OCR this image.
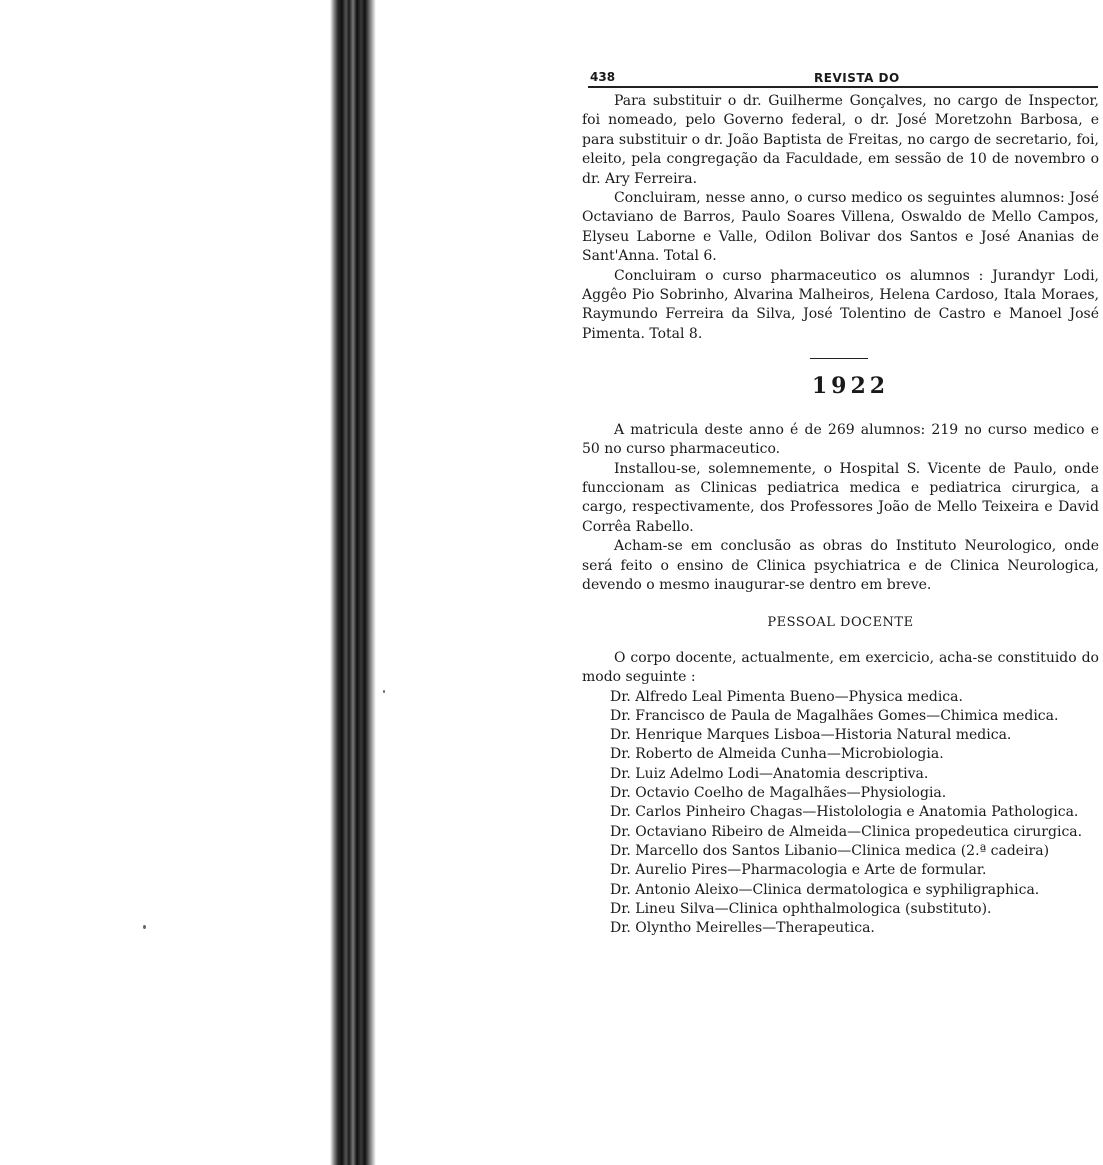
438	REVISTA DO

Para substituir o dr. Guilherme Gonçalves, no cargo de Inspector, foi nomeado, pelo Governo federal, o dr. José Moretzohn Barbosa, e para substituir o dr. João Baptista de Freitas, no cargo de secretario, foi, eleito, pela congregação da Faculdade, em sessão de 10 de novembro o dr. Ary Ferreira.

Concluiram, nesse anno, o curso medico os seguintes alumnos: José Octaviano de Barros, Paulo Soares Villena, Oswaldo de Mello Campos, Elyseu Laborne e Valle, Odilon Bolivar dos Santos e José Ananias de Sant'Anna. Total 6.

Concluiram o curso pharmaceutico os alumnos : Jurandyr Lodi, Aggêo Pio Sobrinho, Alvarina Malheiros, Helena Cardoso, Itala Moraes, Raymundo Ferreira da Silva, José Tolentino de Castro e Manoel José Pimenta. Total 8.

1922

A matricula deste anno é de 269 alumnos: 219 no curso medico e 50 no curso pharmaceutico.

Installou-se, solemnemente, o Hospital S. Vicente de Paulo, onde funccionam as Clinicas pediatrica medica e pediatrica cirurgica, a cargo, respectivamente, dos Professores João de Mello Teixeira e David Corrêa Rabello.

Acham-se em conclusão as obras do Instituto Neurologico, onde será feito o ensino de Clinica psychiatrica e de Clinica Neurologica, devendo o mesmo inaugurar-se dentro em breve.

PESSOAL DOCENTE

O corpo docente, actualmente, em exercicio, acha-se constituido do modo seguinte :

Dr. Alfredo Leal Pimenta Bueno—Physica medica.
Dr. Francisco de Paula de Magalhães Gomes—Chimica medica.
Dr. Henrique Marques Lisboa—Historia Natural medica.
Dr. Roberto de Almeida Cunha—Microbiologia.
Dr. Luiz Adelmo Lodi—Anatomia descriptiva.
Dr. Octavio Coelho de Magalhães—Physiologia.
Dr. Carlos Pinheiro Chagas—Histolologia e Anatomia Pathologica.
Dr. Octaviano Ribeiro de Almeida—Clinica propedeutica cirurgica.
Dr. Marcello dos Santos Libanio—Clinica medica (2.ª cadeira)
Dr. Aurelio Pires—Pharmacologia e Arte de formular.
Dr. Antonio Aleixo—Clinica dermatologica e syphiligraphica.
Dr. Lineu Silva—Clinica ophthalmologica (substituto).
Dr. Olyntho Meirelles—Therapeutica.
